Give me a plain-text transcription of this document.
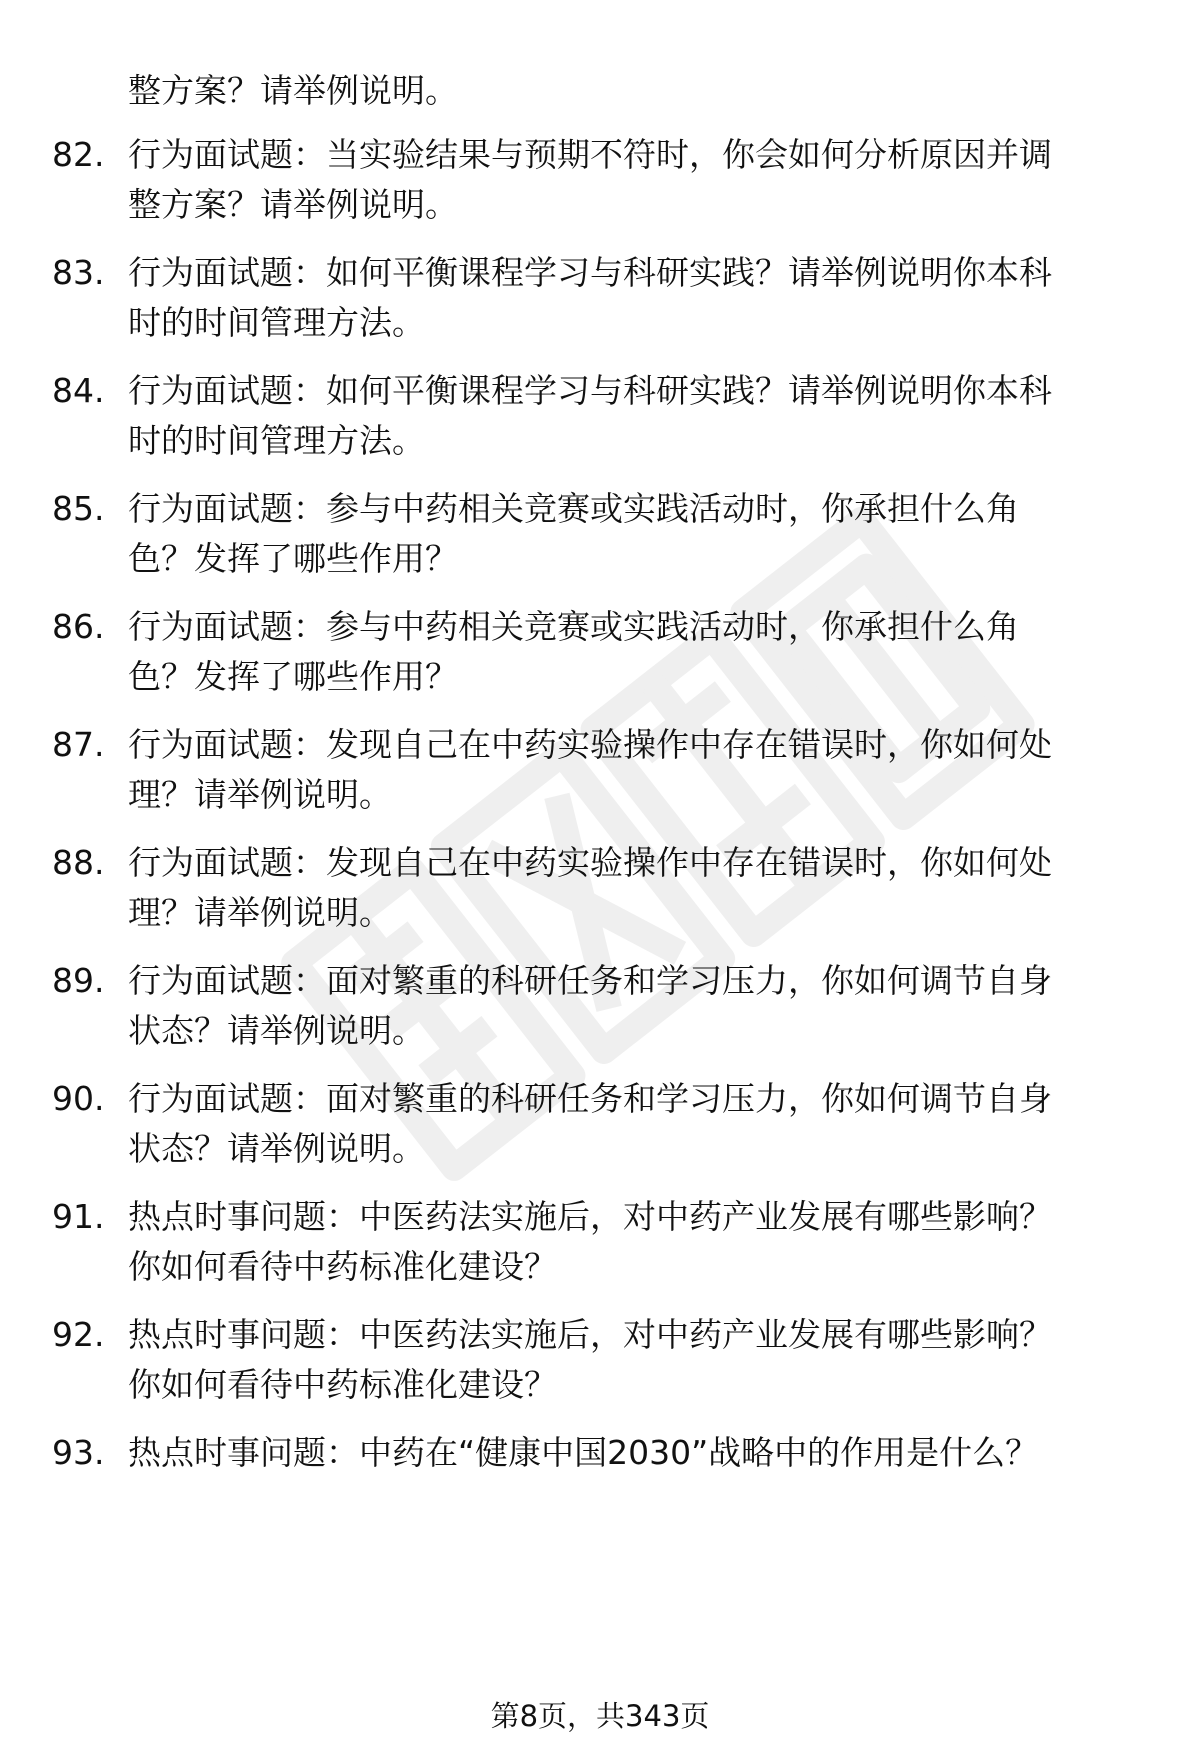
整方案？请举例说明。
82. 行为面试题：当实验结果与预期不符时，你会如何分析原因并调
整方案？请举例说明。
83. 行为面试题：如何平衡课程学习与科研实践？请举例说明你本科
时的时间管理方法。
84. 行为面试题：如何平衡课程学习与科研实践？请举例说明你本科
时的时间管理方法。
85. 行为面试题：参与中药相关竞赛或实践活动时，你承担什么角
色？发挥了哪些作用？
86. 行为面试题：参与中药相关竞赛或实践活动时，你承担什么角
色？发挥了哪些作用？
87. 行为面试题：发现自己在中药实验操作中存在错误时，你如何处
理？请举例说明。
88. 行为面试题：发现自己在中药实验操作中存在错误时，你如何处
理？请举例说明。
89. 行为面试题：面对繁重的科研任务和学习压力，你如何调节自身
状态？请举例说明。
90. 行为面试题：面对繁重的科研任务和学习压力，你如何调节自身
状态？请举例说明。
91. 热点时事问题：中医药法实施后，对中药产业发展有哪些影响？
你如何看待中药标准化建设？
92. 热点时事问题：中医药法实施后，对中药产业发展有哪些影响？
你如何看待中药标准化建设？
93. 热点时事问题：中药在“健康中国2030”战略中的作用是什么？
第8页，共343页
